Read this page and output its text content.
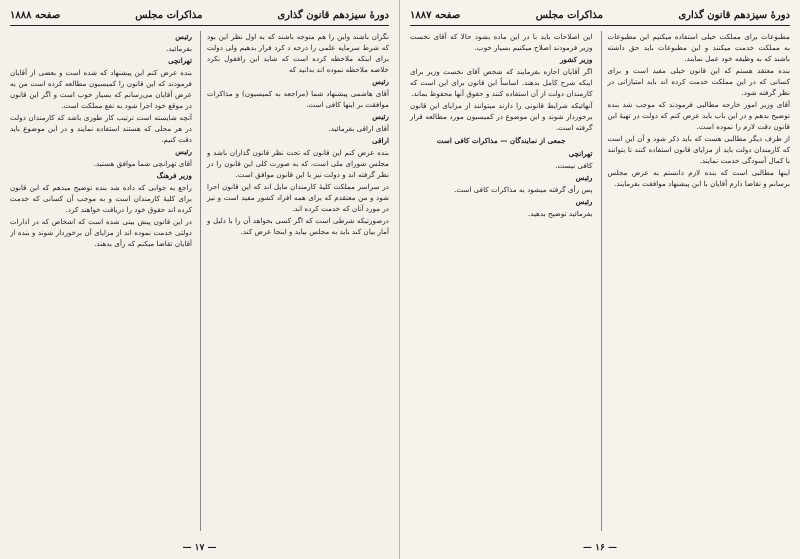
دورهٔ سیزدهم قانون گذاری
مذاکرات مجلس
صفحه ۱۸۸۸

نگران باشند واین را هم متوجه باشند که به اول نظر این بود که شرط سرمایه علمی را درجه د کرد فرار بدهیم ولی دولت برای اینکه ملاحظه کرده است که شاید این رافقول نکرد خلاصه ملاحظه نموده اند بدانید که

رئیس

آقای هاشمی پیشنهاد شما (مراجعه به کمیسیون) و مذاکرات موافقت بر اینها کافی است.

رئیس

آقای اراقی بفرمائید.

اراقی

بنده عرض کنم این قانون که تحت نظر قانون گذاران باشد و مجلس شورای ملی است، که به صورت کلی این قانون را در نظر گرفته اند و دولت نیز با این قانون موافق است.

در سراسر مملکت کلیهٔ کارمندان مایل اند که این قانون اجرا شود و من معتقدم که برای همه افراد کشور مفید است و نیز در مورد آنان که خدمت کرده اند.

درصورتیکه شرطی است که اگر کسی بخواهد آن را با دلیل و آمار بیان کند باید به مجلس بیاید و اینجا عرض کند.

رئیس

بفرمائید.

تهرانچی

بنده عرض کنم این پیشنهاد که شده است و بعضی از آقایان فرمودند که این قانون را کمیسیون مطالعه کرده است من به عرض آقایان می‌رسانم که بسیار خوب است و اگر این قانون در موقع خود اجرا شود به نفع مملکت است.

آنچه شایسته است ترتیب کار طوری باشد که کارمندان دولت در هر محلی که هستند استفاده نمایند و در این موضوع باید دقت کنیم.

رئیس

آقای تهرانچی شما موافق هستید.

وزیر فرهنگ

راجع به جوابی که داده شد بنده توضیح میدهم که این قانون برای کلیهٔ کارمندان است و به موجب آن کسانی که خدمت کرده اند حقوق خود را دریافت خواهند کرد.

در این قانون پیش بینی شده است که اشخاص که در ادارات دولتی خدمت نموده اند از مزایای آن برخوردار شوند و بنده از آقایان تقاضا میکنم که رأی بدهند.

— ۱۷ —
دورهٔ سیزدهم قانون گذاری
مذاکرات مجلس
صفحه ۱۸۸۷

مطبوعات برای مملکت خیلی استفاده میکنیم این مطبوعات به مملکت خدمت میکنند و این مطبوعات باید حق داشته باشند که به وظیفه خود عمل نمایند.

بنده معتقد هستم که این قانون خیلی مفید است و برای کسانی که در این مملکت خدمت کرده اند باید امتیازاتی در نظر گرفته شود.

آقای وزیر امور خارجه مطالبی فرمودند که موجب شد بنده توضیح بدهم و در این باب باید عرض کنم که دولت در تهیهٔ این قانون دقت لازم را نموده است.

از طرف دیگر مطالبی هست که باید ذکر شود و آن این است که کارمندان دولت باید از مزایای قانون استفاده کنند تا بتوانند با کمال آسودگی خدمت نمایند.

اینها مطالبی است که بنده لازم دانستم به عرض مجلس برسانم و تقاضا دارم آقایان با این پیشنهاد موافقت بفرمایند.

این اصلاحات باید با در این ماده بشود حالا که آقای نخست وزیر فرمودند اصلاح میکنیم بسیار خوب.

وزیر کشور

اگر آقایان اجازه بفرمایند که شخص آقای نخست وزیر برای اینکه شرح کامل بدهند. اساساً این قانون برای این است که کارمندان دولت از آن استفاده کنند و حقوق آنها محفوظ بماند.

آنهائیکه شرایط قانونی را دارند میتوانند از مزایای این قانون برخوردار شوند و این موضوع در کمیسیون مورد مطالعه قرار گرفته است.

جمعی از نمایندگان — مذاکرات کافی است

تهرانچی

کافی نیست.

رئیس

پس رأی گرفته میشود به مذاکرات کافی است.

رئیس

بفرمائید توضیح بدهید.

— ۱۶ —
